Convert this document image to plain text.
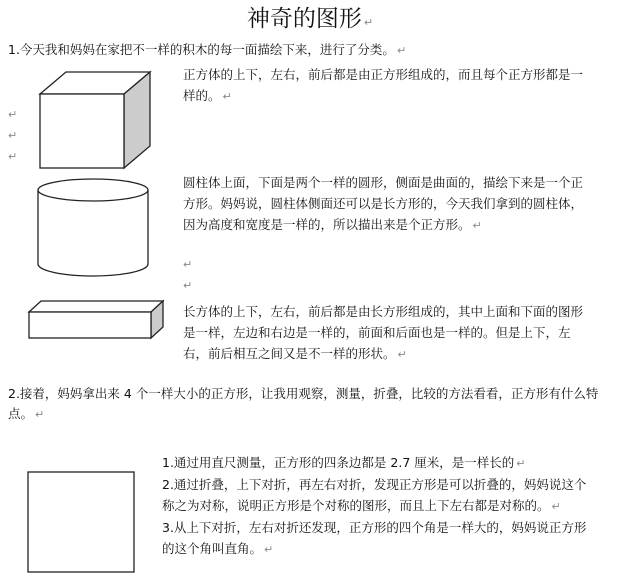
神奇的图形 ↵
1.今天我和妈妈在家把不一样的积木的每一面描绘下来，进行了分类。 ↵
↵
↵
↵
正方体的上下，左右，前后都是由正方形组成的，而且每个正方形都是一样的。 ↵
圆柱体上面，下面是两个一样的圆形，侧面是曲面的，描绘下来是一个正方形。妈妈说，圆柱体侧面还可以是长方形的，今天我们拿到的圆柱体，因为高度和宽度是一样的，所以描出来是个正方形。 ↵
↵
↵
长方体的上下，左右，前后都是由长方形组成的，其中上面和下面的图形是一样，左边和右边是一样的，前面和后面也是一样的。但是上下，左右，前后相互之间又是不一样的形状。 ↵
2.接着，妈妈拿出来 4 个一样大小的正方形，让我用观察，测量，折叠，比较的方法看看，正方形有什么特点。 ↵
1.通过用直尺测量，正方形的四条边都是 2.7 厘米，是一样长的 ↵
2.通过折叠，上下对折，再左右对折，发现正方形是可以折叠的，妈妈说这个称之为对称，说明正方形是个对称的图形，而且上下左右都是对称的。 ↵
3.从上下对折，左右对折还发现，正方形的四个角是一样大的，妈妈说正方形的这个角叫直角。 ↵
